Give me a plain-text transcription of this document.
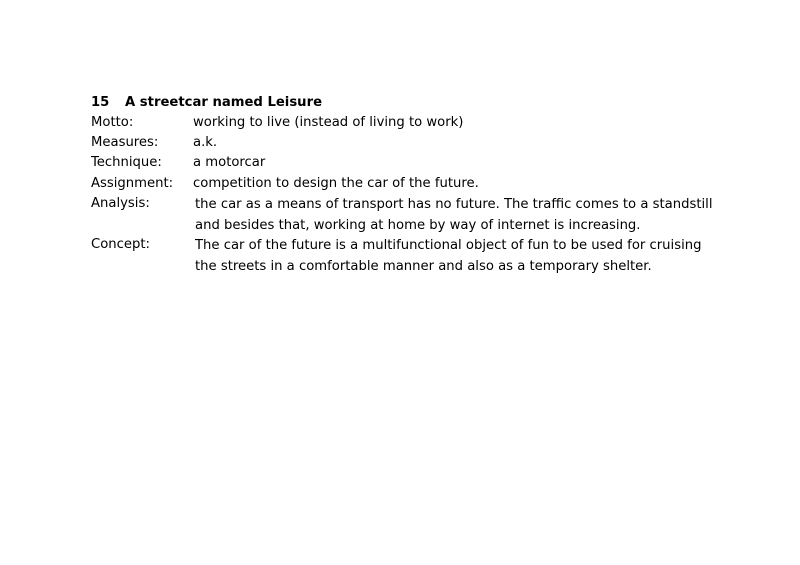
15 A streetcar named Leisure
Motto:	working to live (instead of living to work)
Measures:	a.k.
Technique: a motorcar
Assignment: competition to design the car of the future.
Analysis:	the car as a means of transport has no future. The traffic comes to a standstill
and besides that, working at home by way of internet is increasing.
Concept:	The car of the future is a multifunctional object of fun to be used for cruising
the streets in a comfortable manner and also as a temporary shelter.
